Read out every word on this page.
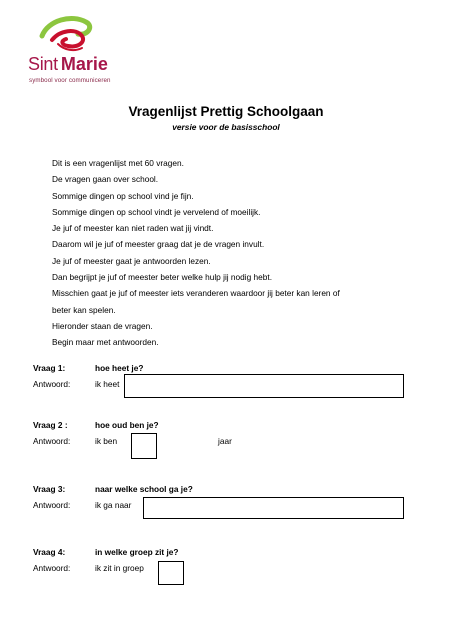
Sint Marie
symbool voor communiceren
Vragenlijst Prettig Schoolgaan
versie voor de basisschool
Dit is een vragenlijst met 60 vragen.
De vragen gaan over school.
Sommige dingen op school vind je fijn.
Sommige dingen op school vindt je vervelend of moeilijk.
Je juf of meester kan niet raden wat jij vindt.
Daarom wil je juf of meester graag dat je de vragen invult.
Je juf of meester gaat je antwoorden lezen.
Dan begrijpt je juf of meester beter welke hulp jij nodig hebt.
Misschien gaat je juf of meester iets veranderen waardoor jij beter kan leren of
beter kan spelen.
Hieronder staan de vragen.
Begin maar met antwoorden.
Vraag 1:	hoe heet je?
Antwoord:	ik heet
Vraag 2 :	hoe oud ben je?
Antwoord:	ik ben	jaar
Vraag 3:	naar welke school ga je?
Antwoord:	ik ga naar
Vraag 4:	in welke groep zit je?
Antwoord:	ik zit in groep
